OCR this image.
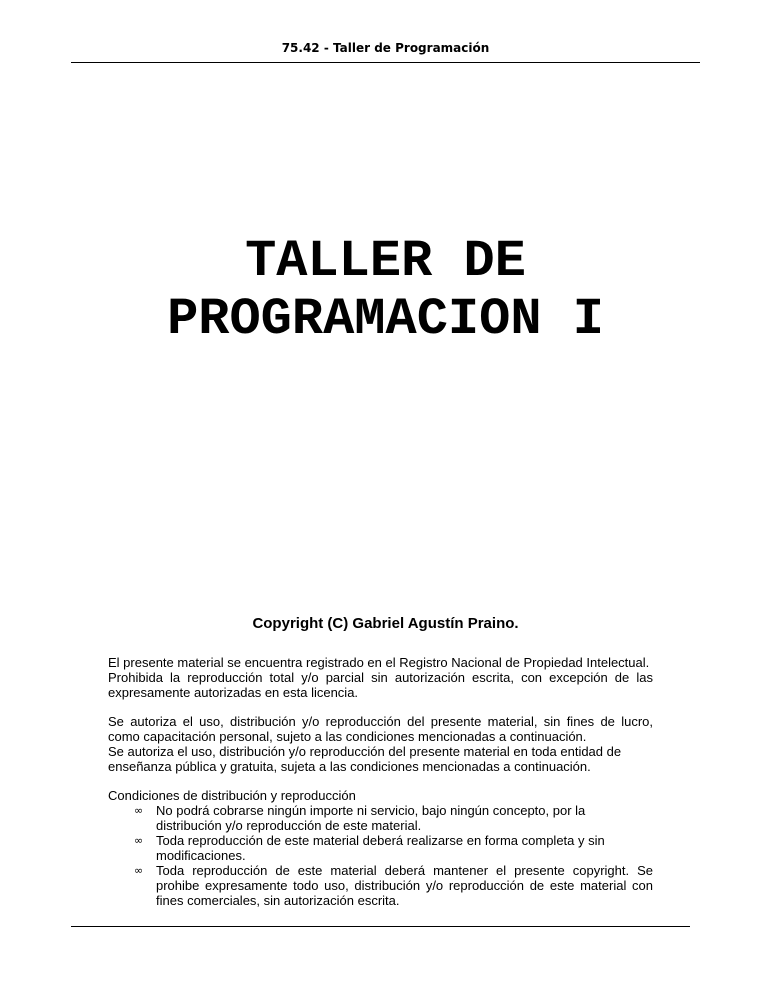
75.42 - Taller de Programación
TALLER DE
PROGRAMACION I
Copyright (C) Gabriel Agustín Praino.

El presente material se encuentra registrado en el Registro Nacional de Propiedad Intelectual.
Prohibida la reproducción total y/o parcial sin autorización escrita, con excepción de las expresamente autorizadas en esta licencia.

Se autoriza el uso, distribución y/o reproducción del presente material, sin fines de lucro, como capacitación personal, sujeto a las condiciones mencionadas a continuación.
Se autoriza el uso, distribución y/o reproducción del presente material en toda entidad de enseñanza pública y gratuita, sujeta a las condiciones mencionadas a continuación.

Condiciones de distribución y reproducción
∞ No podrá cobrarse ningún importe ni servicio, bajo ningún concepto, por la distribución y/o reproducción de este material.
∞ Toda reproducción de este material deberá realizarse en forma completa y sin modificaciones.
∞ Toda reproducción de este material deberá mantener el presente copyright. Se prohibe expresamente todo uso, distribución y/o reproducción de este material con fines comerciales, sin autorización escrita.
